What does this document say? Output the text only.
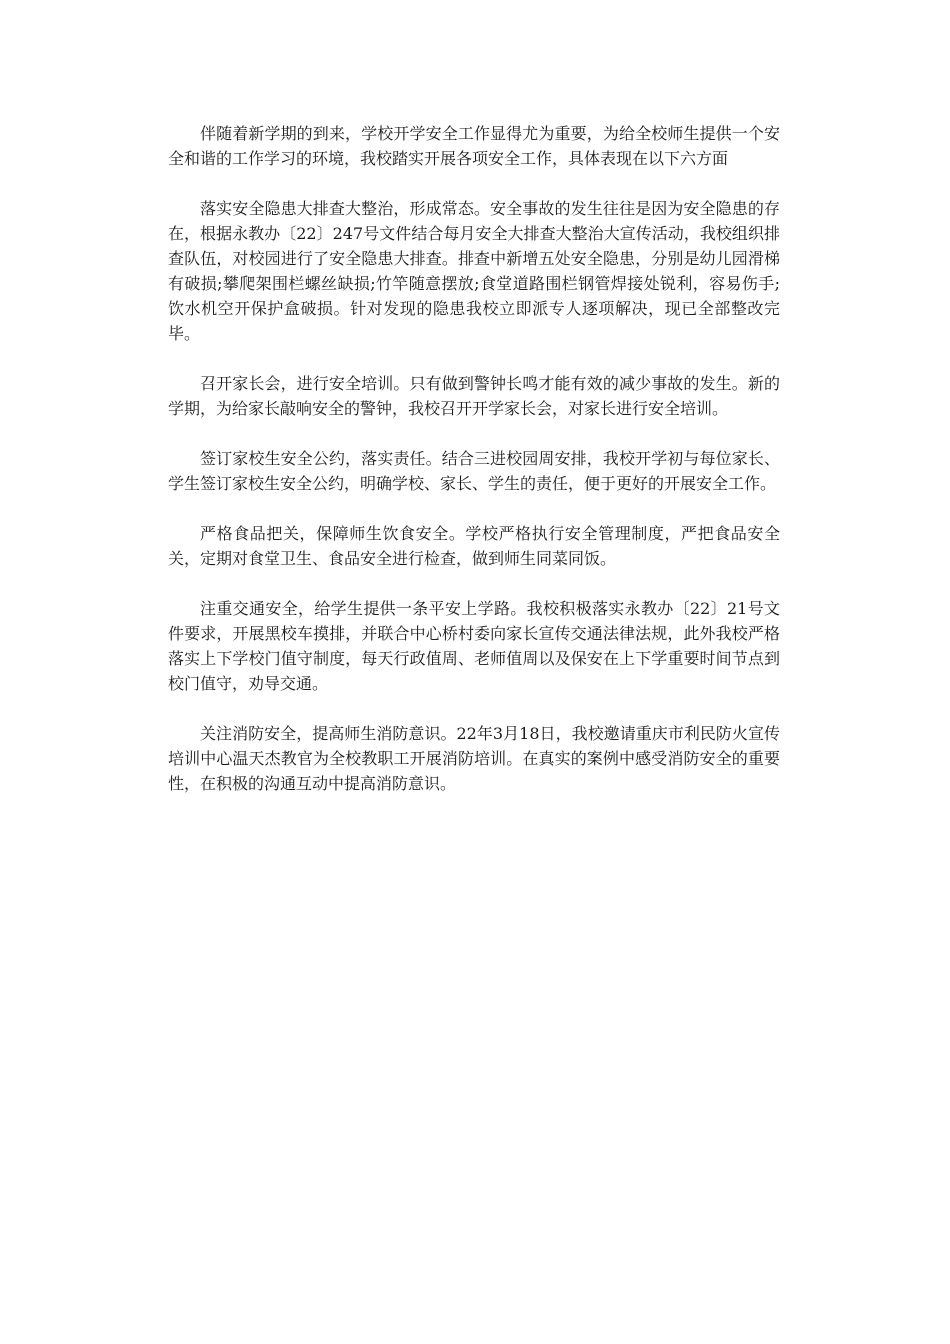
伴随着新学期的到来，学校开学安全工作显得尤为重要，为给全校师生提供一个安全和谐的工作学习的环境，我校踏实开展各项安全工作，具体表现在以下六方面

落实安全隐患大排查大整治，形成常态。安全事故的发生往往是因为安全隐患的存在，根据永教办〔22〕247号文件结合每月安全大排查大整治大宣传活动，我校组织排查队伍，对校园进行了安全隐患大排查。排查中新增五处安全隐患，分别是幼儿园滑梯有破损;攀爬架围栏螺丝缺损;竹竿随意摆放;食堂道路围栏钢管焊接处锐利，容易伤手;饮水机空开保护盒破损。针对发现的隐患我校立即派专人逐项解决，现已全部整改完毕。

召开家长会，进行安全培训。只有做到警钟长鸣才能有效的减少事故的发生。新的学期，为给家长敲响安全的警钟，我校召开开学家长会，对家长进行安全培训。

签订家校生安全公约，落实责任。结合三进校园周安排，我校开学初与每位家长、学生签订家校生安全公约，明确学校、家长、学生的责任，便于更好的开展安全工作。

严格食品把关，保障师生饮食安全。学校严格执行安全管理制度，严把食品安全关，定期对食堂卫生、食品安全进行检查，做到师生同菜同饭。

注重交通安全，给学生提供一条平安上学路。我校积极落实永教办〔22〕21号文件要求，开展黑校车摸排，并联合中心桥村委向家长宣传交通法律法规，此外我校严格落实上下学校门值守制度，每天行政值周、老师值周以及保安在上下学重要时间节点到校门值守，劝导交通。

关注消防安全，提高师生消防意识。22年3月18日，我校邀请重庆市利民防火宣传培训中心温天杰教官为全校教职工开展消防培训。在真实的案例中感受消防安全的重要性，在积极的沟通互动中提高消防意识。
